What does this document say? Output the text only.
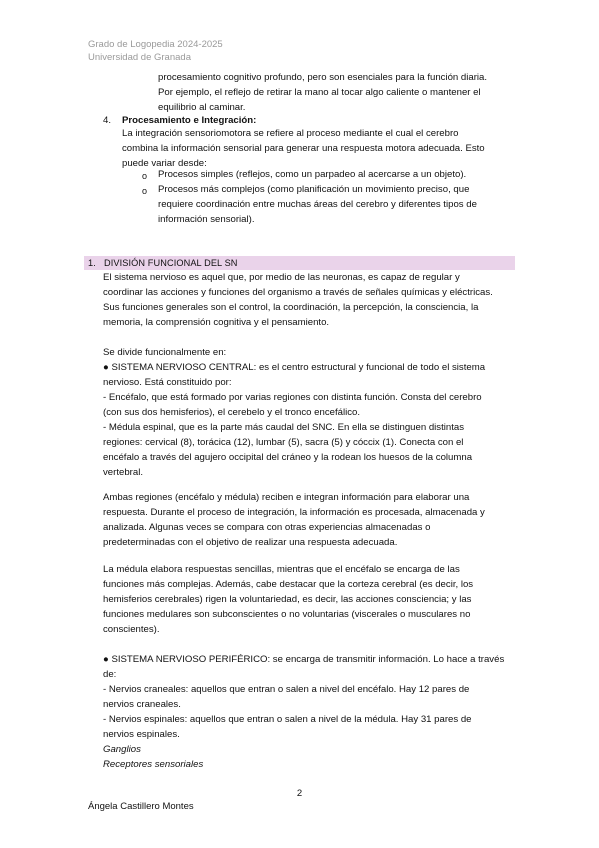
Grado de Logopedia 2024-2025
Universidad de Granada

procesamiento cognitivo profundo, pero son esenciales para la función diaria.

Por ejemplo, el reflejo de retirar la mano al tocar algo caliente o mantener el

equilibrio al caminar.

4. Procesamiento e Integración:

La integración sensoriomotora se refiere al proceso mediante el cual el cerebro

combina la información sensorial para generar una respuesta motora adecuada. Esto

puede variar desde:

o Procesos simples (reflejos, como un parpadeo al acercarse a un objeto).
o Procesos más complejos (como planificación un movimiento preciso, que

requiere coordinación entre muchas áreas del cerebro y diferentes tipos de

información sensorial).

1. DIVISIÓN FUNCIONAL DEL SN

El sistema nervioso es aquel que, por medio de las neuronas, es capaz de regular y

coordinar las acciones y funciones del organismo a través de señales químicas y eléctricas.

Sus funciones generales son el control, la coordinación, la percepción, la consciencia, la

memoria, la comprensión cognitiva y el pensamiento.

Se divide funcionalmente en:

● SISTEMA NERVIOSO CENTRAL: es el centro estructural y funcional de todo el sistema

nervioso. Está constituido por:

- Encéfalo, que está formado por varias regiones con distinta función. Consta del cerebro

(con sus dos hemisferios), el cerebelo y el tronco encefálico.

- Médula espinal, que es la parte más caudal del SNC. En ella se distinguen distintas

regiones: cervical (8), torácica (12), lumbar (5), sacra (5) y cóccix (1). Conecta con el

encéfalo a través del agujero occipital del cráneo y la rodean los huesos de la columna

vertebral.

Ambas regiones (encéfalo y médula) reciben e integran información para elaborar una

respuesta. Durante el proceso de integración, la información es procesada, almacenada y

analizada. Algunas veces se compara con otras experiencias almacenadas o

predeterminadas con el objetivo de realizar una respuesta adecuada.

La médula elabora respuestas sencillas, mientras que el encéfalo se encarga de las

funciones más complejas. Además, cabe destacar que la corteza cerebral (es decir, los

hemisferios cerebrales) rigen la voluntariedad, es decir, las acciones consciencia; y las

funciones medulares son subconscientes o no voluntarias (viscerales o musculares no

conscientes).

● SISTEMA NERVIOSO PERIFÉRICO: se encarga de transmitir información. Lo hace a través

de:

- Nervios craneales: aquellos que entran o salen a nivel del encéfalo. Hay 12 pares de

nervios craneales.

- Nervios espinales: aquellos que entran o salen a nivel de la médula. Hay 31 pares de

nervios espinales.

Ganglios

Receptores sensoriales

2
Ángela Castillero Montes
